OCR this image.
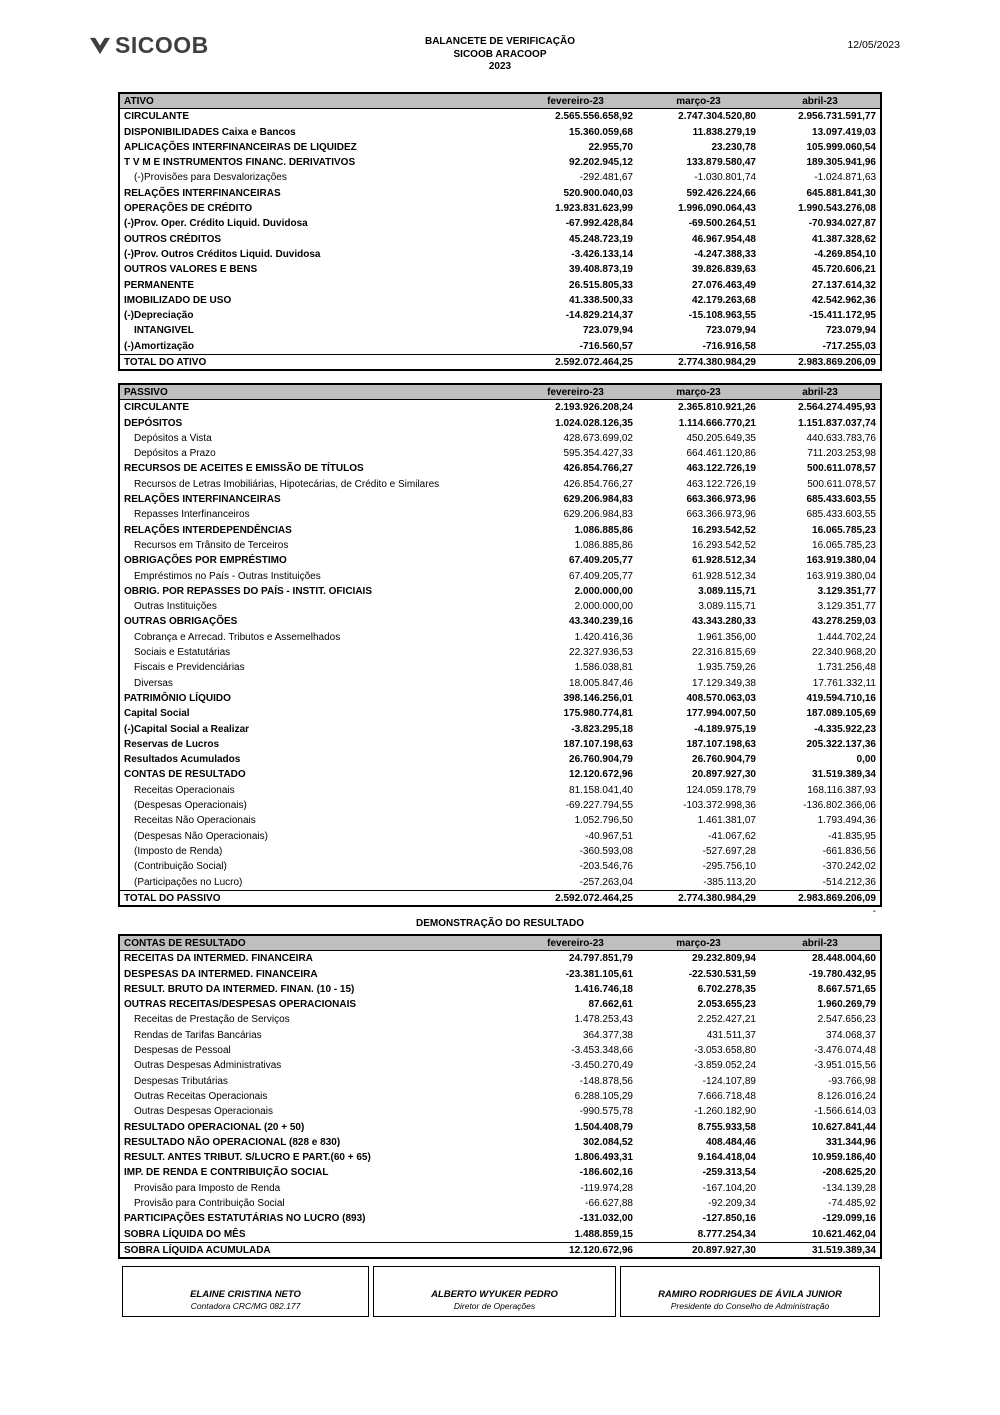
SICOOB	BALANCETE DE VERIFICAÇÃO
SICOOB ARACOOP
2023
12/05/2023
ATIVO	fevereiro-23	março-23	abril-23
CIRCULANTE	2.565.556.658,92	2.747.304.520,80	2.956.731.591,77
DISPONIBILIDADES Caixa e Bancos	15.360.059,68	11.838.279,19	13.097.419,03
APLICAÇÕES INTERFINANCEIRAS DE LIQUIDEZ	22.955,70	23.230,78	105.999.060,54
T V M E INSTRUMENTOS FINANC. DERIVATIVOS	92.202.945,12	133.879.580,47	189.305.941,96
(-)Provisões para Desvalorizações	-292.481,67	-1.030.801,74	-1.024.871,63
RELAÇÕES INTERFINANCEIRAS	520.900.040,03	592.426.224,66	645.881.841,30
OPERAÇÕES DE CRÉDITO	1.923.831.623,99	1.996.090.064,43	1.990.543.276,08
(-)Prov. Oper. Crédito Liquid. Duvidosa	-67.992.428,84	-69.500.264,51	-70.934.027,87
OUTROS CRÉDITOS	45.248.723,19	46.967.954,48	41.387.328,62
(-)Prov. Outros Créditos Liquid. Duvidosa	-3.426.133,14	-4.247.388,33	-4.269.854,10
OUTROS VALORES E BENS	39.408.873,19	39.826.839,63	45.720.606,21
PERMANENTE	26.515.805,33	27.076.463,49	27.137.614,32
IMOBILIZADO DE USO	41.338.500,33	42.179.263,68	42.542.962,36
(-)Depreciação	-14.829.214,37	-15.108.963,55	-15.411.172,95
INTANGIVEL	723.079,94	723.079,94	723.079,94
(-)Amortização	-716.560,57	-716.916,58	-717.255,03
TOTAL DO ATIVO	2.592.072.464,25	2.774.380.984,29	2.983.869.206,09
PASSIVO	fevereiro-23	março-23	abril-23
CIRCULANTE	2.193.926.208,24	2.365.810.921,26	2.564.274.495,93
DEPÓSITOS	1.024.028.126,35	1.114.666.770,21	1.151.837.037,74
Depósitos a Vista	428.673.699,02	450.205.649,35	440.633.783,76
Depósitos a Prazo	595.354.427,33	664.461.120,86	711.203.253,98
RECURSOS DE ACEITES E EMISSÃO DE TÍTULOS	426.854.766,27	463.122.726,19	500.611.078,57
Recursos de Letras Imobiliárias, Hipotecárias, de Crédito e Similares	426.854.766,27	463.122.726,19	500.611.078,57
RELAÇÕES INTERFINANCEIRAS	629.206.984,83	663.366.973,96	685.433.603,55
Repasses Interfinanceiros	629.206.984,83	663.366.973,96	685.433.603,55
RELAÇÕES INTERDEPENDÊNCIAS	1.086.885,86	16.293.542,52	16.065.785,23
Recursos em Trânsito de Terceiros	1.086.885,86	16.293.542,52	16.065.785,23
OBRIGAÇÕES POR EMPRÉSTIMO	67.409.205,77	61.928.512,34	163.919.380,04
Empréstimos no País - Outras Instituições	67.409.205,77	61.928.512,34	163.919.380,04
OBRIG. POR REPASSES DO PAÍS - INSTIT. OFICIAIS	2.000.000,00	3.089.115,71	3.129.351,77
Outras Instituições	2.000.000,00	3.089.115,71	3.129.351,77
OUTRAS OBRIGAÇÕES	43.340.239,16	43.343.280,33	43.278.259,03
Cobrança e Arrecad. Tributos e Assemelhados	1.420.416,36	1.961.356,00	1.444.702,24
Sociais e Estatutárias	22.327.936,53	22.316.815,69	22.340.968,20
Fiscais e Previdenciárias	1.586.038,81	1.935.759,26	1.731.256,48
Diversas	18.005.847,46	17.129.349,38	17.761.332,11
PATRIMÔNIO LÍQUIDO	398.146.256,01	408.570.063,03	419.594.710,16
Capital Social	175.980.774,81	177.994.007,50	187.089.105,69
(-)Capital Social a Realizar	-3.823.295,18	-4.189.975,19	-4.335.922,23
Reservas de Lucros	187.107.198,63	187.107.198,63	205.322.137,36
Resultados Acumulados	26.760.904,79	26.760.904,79	0,00
CONTAS DE RESULTADO	12.120.672,96	20.897.927,30	31.519.389,34
Receitas Operacionais	81.158.041,40	124.059.178,79	168.116.387,93
(Despesas Operacionais)	-69.227.794,55	-103.372.998,36	-136.802.366,06
Receitas Não Operacionais	1.052.796,50	1.461.381,07	1.793.494,36
(Despesas Não Operacionais)	-40.967,51	-41.067,62	-41.835,95
(Imposto de Renda)	-360.593,08	-527.697,28	-661.836,56
(Contribuição Social)	-203.546,76	-295.756,10	-370.242,02
(Participações no Lucro)	-257.263,04	-385.113,20	-514.212,36
TOTAL DO PASSIVO	2.592.072.464,25	2.774.380.984,29	2.983.869.206,09
-
DEMONSTRAÇÃO DO RESULTADO
CONTAS DE RESULTADO	fevereiro-23	março-23	abril-23
RECEITAS DA INTERMED. FINANCEIRA	24.797.851,79	29.232.809,94	28.448.004,60
DESPESAS DA INTERMED. FINANCEIRA	-23.381.105,61	-22.530.531,59	-19.780.432,95
RESULT. BRUTO DA INTERMED. FINAN. (10 - 15)	1.416.746,18	6.702.278,35	8.667.571,65
OUTRAS RECEITAS/DESPESAS OPERACIONAIS	87.662,61	2.053.655,23	1.960.269,79
Receitas de Prestação de Serviços	1.478.253,43	2.252.427,21	2.547.656,23
Rendas de Tarifas Bancárias	364.377,38	431.511,37	374.068,37
Despesas de Pessoal	-3.453.348,66	-3.053.658,80	-3.476.074,48
Outras Despesas Administrativas	-3.450.270,49	-3.859.052,24	-3.951.015,56
Despesas Tributárias	-148.878,56	-124.107,89	-93.766,98
Outras Receitas Operacionais	6.288.105,29	7.666.718,48	8.126.016,24
Outras Despesas Operacionais	-990.575,78	-1.260.182,90	-1.566.614,03
RESULTADO OPERACIONAL (20 + 50)	1.504.408,79	8.755.933,58	10.627.841,44
RESULTADO NÃO OPERACIONAL (828 e 830)	302.084,52	408.484,46	331.344,96
RESULT. ANTES TRIBUT. S/LUCRO E PART.(60 + 65)	1.806.493,31	9.164.418,04	10.959.186,40
IMP. DE RENDA E CONTRIBUIÇÃO SOCIAL	-186.602,16	-259.313,54	-208.625,20
Provisão para Imposto de Renda	-119.974,28	-167.104,20	-134.139,28
Provisão para Contribuição Social	-66.627,88	-92.209,34	-74.485,92
PARTICIPAÇÕES ESTATUTÁRIAS NO LUCRO (893)	-131.032,00	-127.850,16	-129.099,16
SOBRA LÍQUIDA DO MÊS	1.488.859,15	8.777.254,34	10.621.462,04
SOBRA LÍQUIDA ACUMULADA	12.120.672,96	20.897.927,30	31.519.389,34
ELAINE CRISTINA NETO
Contadora CRC/MG 082.177
ALBERTO WYUKER PEDRO
Diretor de Operações
RAMIRO RODRIGUES DE ÁVILA JUNIOR
Presidente do Conselho de Administração
